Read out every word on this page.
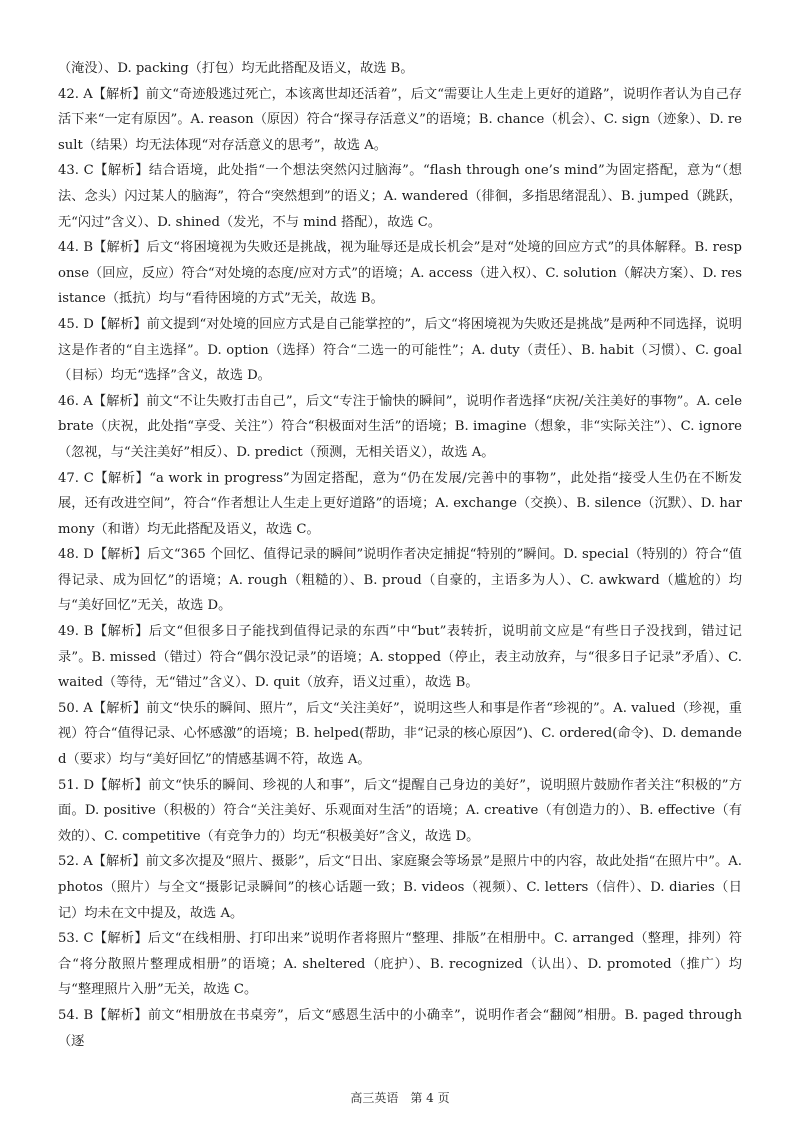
（淹没）、D. packing（打包）均无此搭配及语义，故选 B。

42. A【解析】前文“奇迹般逃过死亡，本该离世却还活着”，后文“需要让人生走上更好的道路”，说明作者认为自己存活下来“一定有原因”。A. reason（原因）符合“探寻存活意义”的语境；B. chance（机会）、C. sign（迹象）、D. result（结果）均无法体现“对存活意义的思考”，故选 A。

43. C【解析】结合语境，此处指“一个想法突然闪过脑海”。“flash through one’s mind”为固定搭配，意为“（想法、念头）闪过某人的脑海”，符合“突然想到”的语义；A. wandered（徘徊，多指思绪混乱）、B. jumped（跳跃，无“闪过”含义）、D. shined（发光，不与 mind 搭配），故选 C。

44. B【解析】后文“将困境视为失败还是挑战，视为耻辱还是成长机会”是对“处境的回应方式”的具体解释。B. response（回应，反应）符合“对处境的态度/应对方式”的语境；A. access（进入权）、C. solution（解决方案）、D. resistance（抵抗）均与“看待困境的方式”无关，故选 B。

45. D【解析】前文提到“对处境的回应方式是自己能掌控的”，后文“将困境视为失败还是挑战”是两种不同选择，说明这是作者的“自主选择”。D. option（选择）符合“二选一的可能性”；A. duty（责任）、B. habit（习惯）、C. goal（目标）均无“选择”含义，故选 D。

46. A【解析】前文“不让失败打击自己”，后文“专注于愉快的瞬间”，说明作者选择“庆祝/关注美好的事物”。A. celebrate（庆祝，此处指“享受、关注”）符合“积极面对生活”的语境；B. imagine（想象，非“实际关注”）、C. ignore（忽视，与“关注美好”相反）、D. predict（预测，无相关语义），故选 A。

47. C【解析】“a work in progress”为固定搭配，意为“仍在发展/完善中的事物”，此处指“接受人生仍在不断发展，还有改进空间”，符合“作者想让人生走上更好道路”的语境；A. exchange（交换）、B. silence（沉默）、D. harmony（和谐）均无此搭配及语义，故选 C。

48. D【解析】后文“365 个回忆、值得记录的瞬间”说明作者决定捕捉“特别的”瞬间。D. special（特别的）符合“值得记录、成为回忆”的语境；A. rough（粗糙的）、B. proud（自豪的，主语多为人）、C. awkward（尴尬的）均与“美好回忆”无关，故选 D。

49. B【解析】后文“但很多日子能找到值得记录的东西”中“but”表转折，说明前文应是“有些日子没找到，错过记录”。B. missed（错过）符合“偶尔没记录”的语境；A. stopped（停止，表主动放弃，与“很多日子记录”矛盾）、C. waited（等待，无“错过”含义）、D. quit（放弃，语义过重），故选 B。

50. A【解析】前文“快乐的瞬间、照片”，后文“关注美好”，说明这些人和事是作者“珍视的”。A. valued（珍视，重视）符合“值得记录、心怀感激”的语境；B. helped(帮助，非“记录的核心原因”)、C. ordered(命令)、D. demanded（要求）均与“美好回忆”的情感基调不符，故选 A。

51. D【解析】前文“快乐的瞬间、珍视的人和事”，后文“提醒自己身边的美好”，说明照片鼓励作者关注“积极的”方面。D. positive（积极的）符合“关注美好、乐观面对生活”的语境；A. creative（有创造力的）、B. effective（有效的）、C. competitive（有竞争力的）均无“积极美好”含义，故选 D。

52. A【解析】前文多次提及“照片、摄影”，后文“日出、家庭聚会等场景”是照片中的内容，故此处指“在照片中”。A. photos（照片）与全文“摄影记录瞬间”的核心话题一致；B. videos（视频）、C. letters（信件）、D. diaries（日记）均未在文中提及，故选 A。

53. C【解析】后文“在线相册、打印出来”说明作者将照片“整理、排版”在相册中。C. arranged（整理，排列）符合“将分散照片整理成相册”的语境；A. sheltered（庇护）、B. recognized（认出）、D. promoted（推广）均与“整理照片入册”无关，故选 C。

54. B【解析】前文“相册放在书桌旁”，后文“感恩生活中的小确幸”，说明作者会“翻阅”相册。B. paged through（逐

高三英语　第 4 页
